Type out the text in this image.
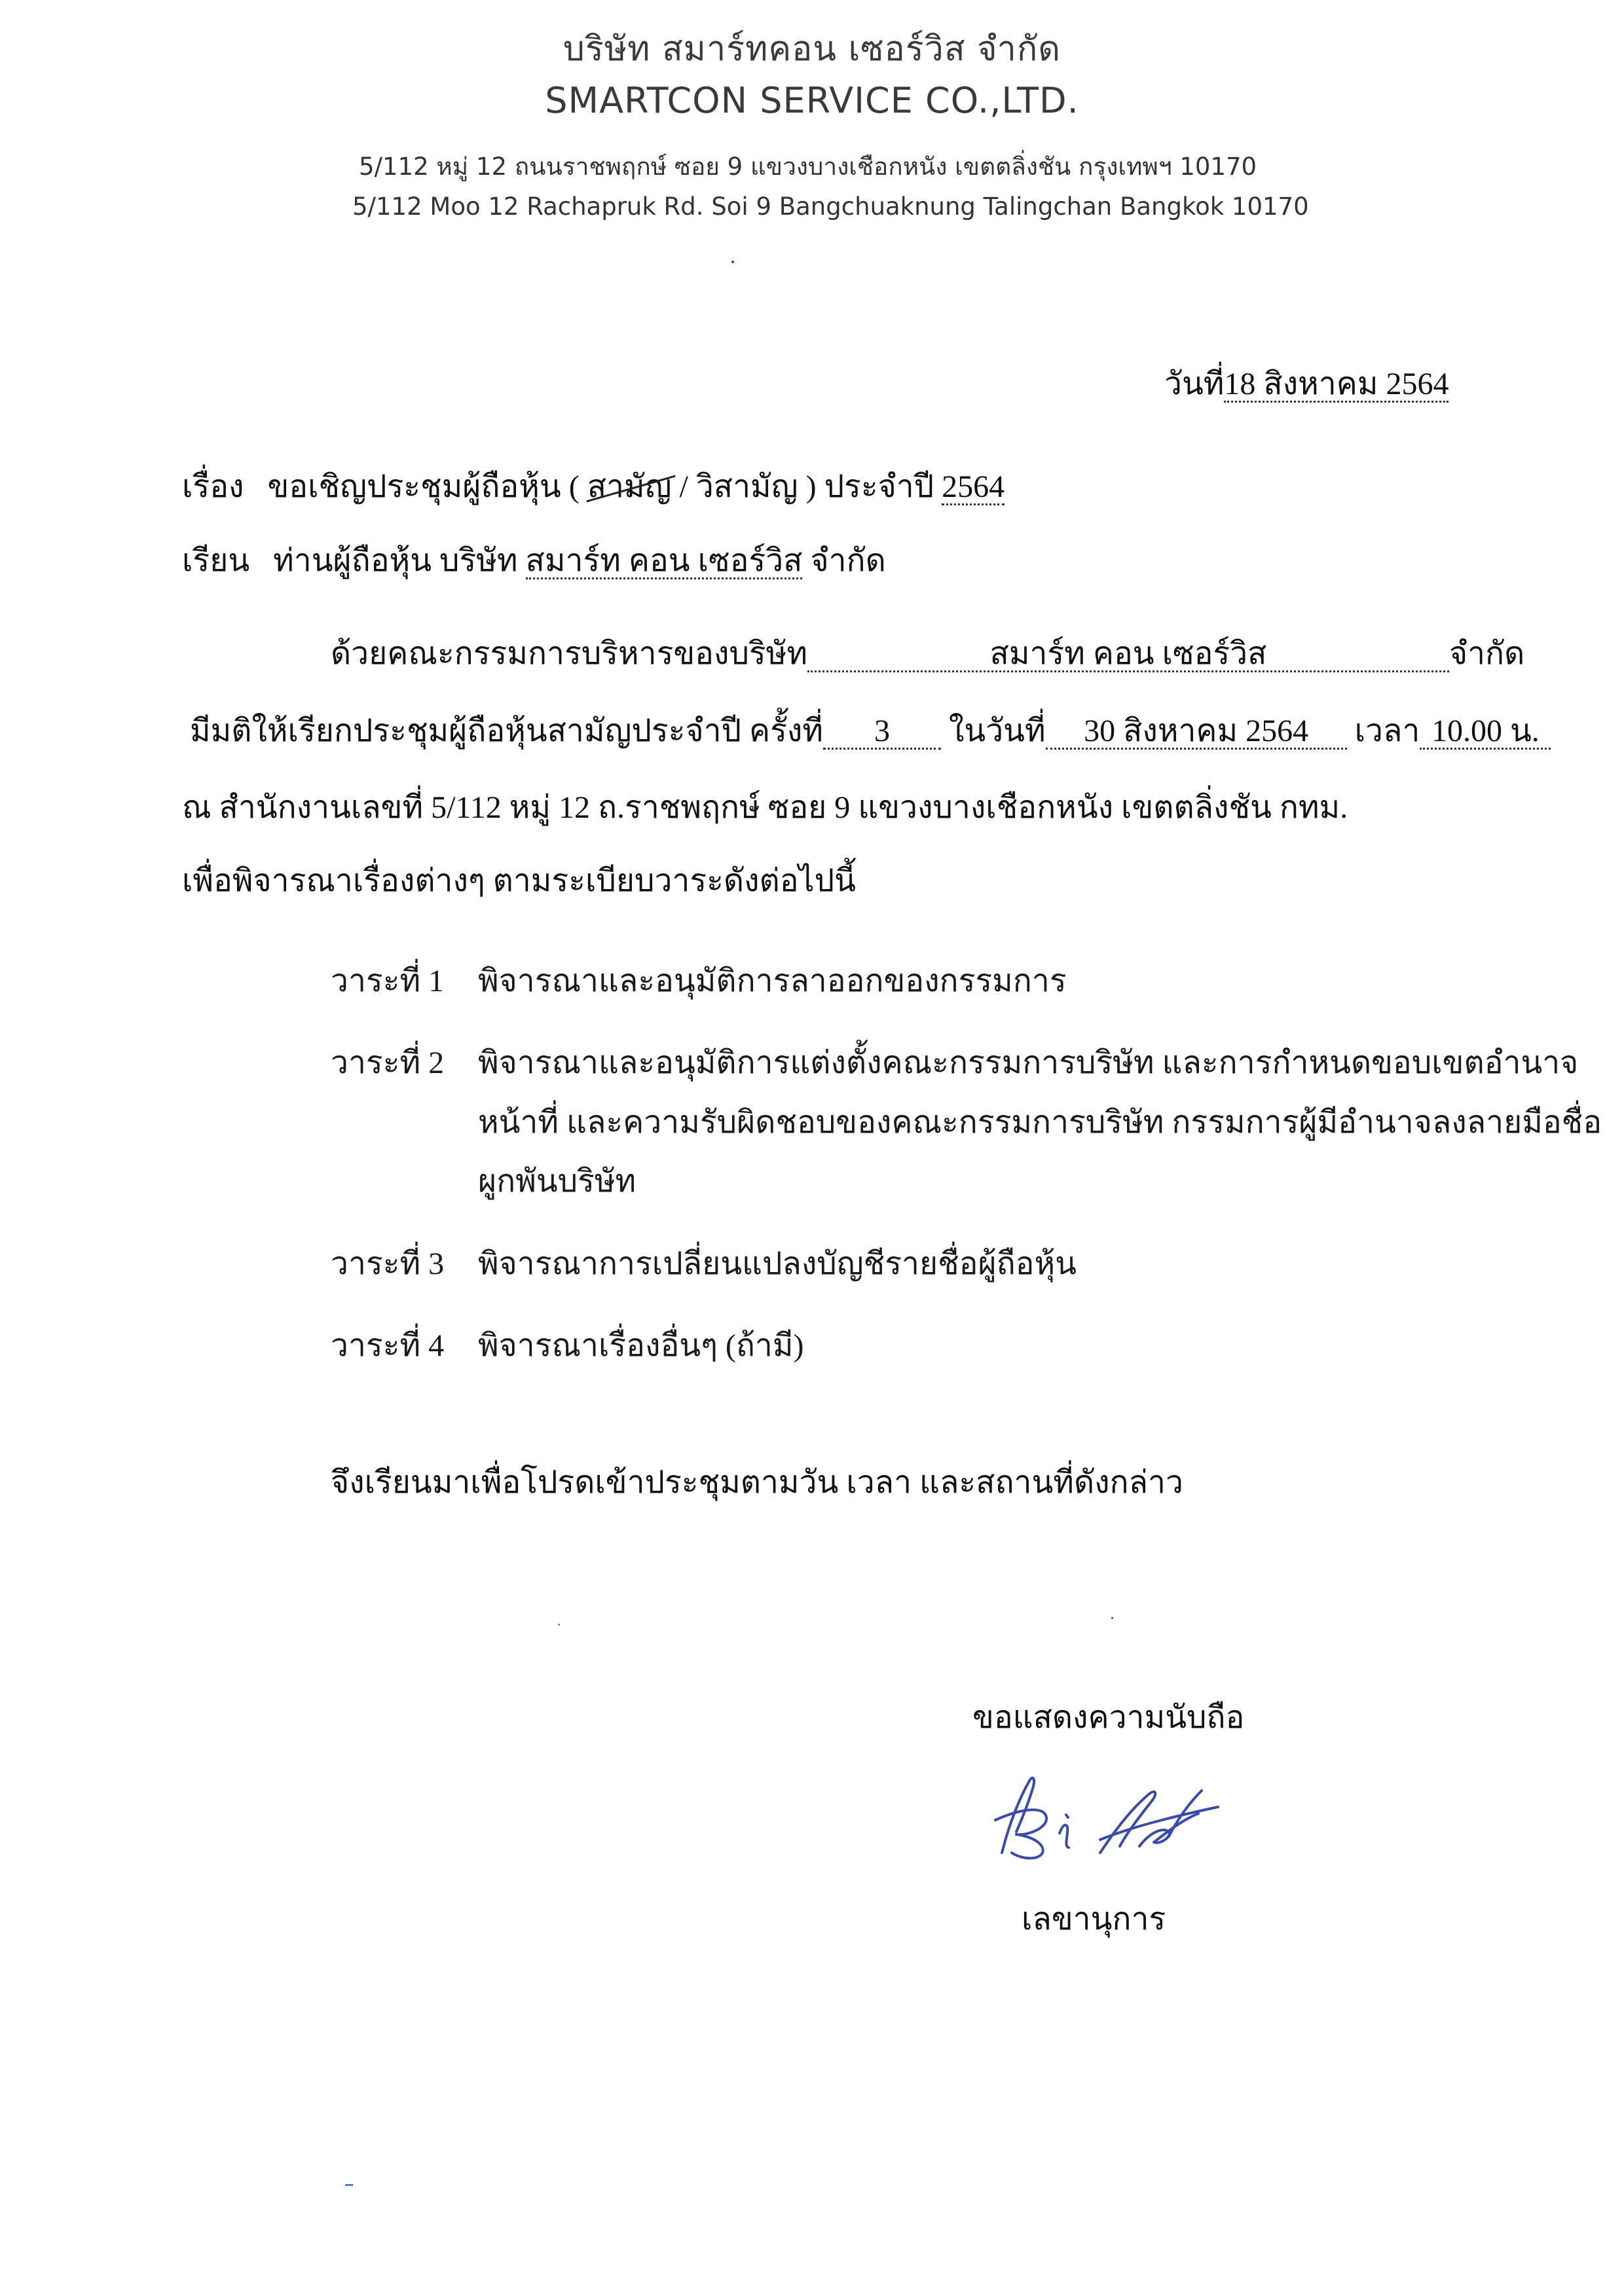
บริษัท สมาร์ทคอน เซอร์วิส จำกัด
SMARTCON SERVICE CO.,LTD.
5/112 หมู่ 12 ถนนราชพฤกษ์ ซอย 9 แขวงบางเชือกหนัง เขตตลิ่งชัน กรุงเทพฯ 10170
5/112 Moo 12 Rachapruk Rd. Soi 9 Bangchuaknung Talingchan Bangkok 10170
วันที่18 สิงหาคม 2564
เรื่อง ขอเชิญประชุมผู้ถือหุ้น ( สามัญ / วิสามัญ ) ประจำปี 2564
เรียน ท่านผู้ถือหุ้น บริษัท สมาร์ท คอน เซอร์วิส จำกัด
ด้วยคณะกรรมการบริหารของบริษัท	สมาร์ท คอน เซอร์วิส	จำกัด
มีมติให้เรียกประชุมผู้ถือหุ้นสามัญประจำปี ครั้งที่ 3 ในวันที่ 30 สิงหาคม 2564 เวลา 10.00 น.
ณ สำนักงานเลขที่ 5/112 หมู่ 12 ถ.ราชพฤกษ์ ซอย 9 แขวงบางเชือกหนัง เขตตลิ่งชัน กทม.
เพื่อพิจารณาเรื่องต่างๆ ตามระเบียบวาระดังต่อไปนี้
วาระที่ 1 พิจารณาและอนุมัติการลาออกของกรรมการ
วาระที่ 2 พิจารณาและอนุมัติการแต่งตั้งคณะกรรมการบริษัท และการกำหนดขอบเขตอำนาจ
หน้าที่ และความรับผิดชอบของคณะกรรมการบริษัท กรรมการผู้มีอำนาจลงลายมือชื่อ
ผูกพันบริษัท
วาระที่ 3 พิจารณาการเปลี่ยนแปลงบัญชีรายชื่อผู้ถือหุ้น
วาระที่ 4 พิจารณาเรื่องอื่นๆ (ถ้ามี)
จึงเรียนมาเพื่อโปรดเข้าประชุมตามวัน เวลา และสถานที่ดังกล่าว
ขอแสดงความนับถือ
เลขานุการ
